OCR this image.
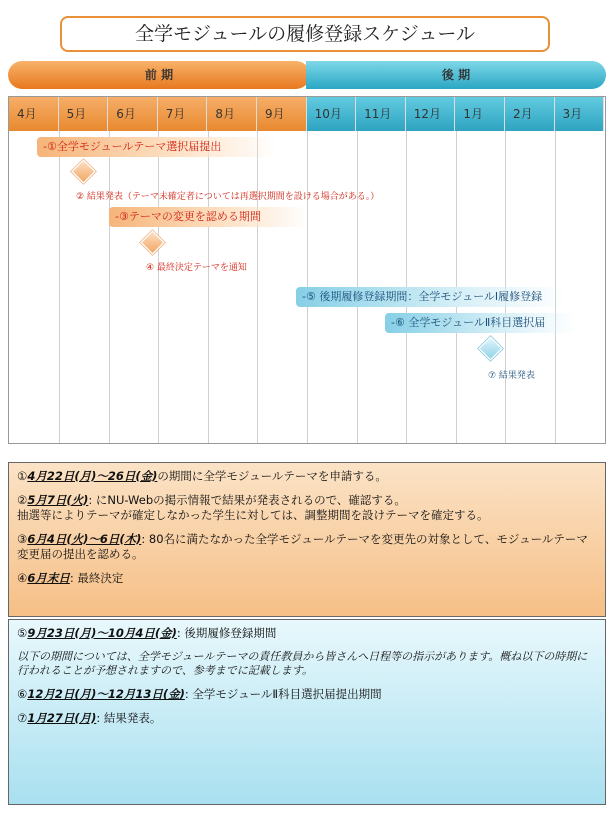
全学モジュールの履修登録スケジュール
前 期	後 期
4月	5月	6月	7月	8月	9月	10月	11月	12月	1月	2月	3月
-①全学モジュールテーマ選択届提出
② 結果発表（テーマ未確定者については再選択期間を設ける場合がある。）
-③テーマの変更を認める期間
④ 最終決定テーマを通知
-⑤ 後期履修登録期間：全学モジュールⅠ履修登録
-⑥ 全学モジュールⅡ科目選択届
⑦ 結果発表

①4月22日(月)～26日(金)の期間に全学モジュールテーマを申請する。

②5月7日(火): にNU-Webの掲示情報で結果が発表されるので、確認する。
抽選等によりテーマが確定しなかった学生に対しては、調整期間を設けテーマを確定する。

③6月4日(火)～6日(木): 80名に満たなかった全学モジュールテーマを変更先の対象として、モジュールテーマ変更届の提出を認める。

④6月末日: 最終決定

⑤9月23日(月)～10月4日(金): 後期履修登録期間

以下の期間については、全学モジュールテーマの責任教員から皆さんへ日程等の指示があります。概ね以下の時期に行われることが予想されますので、参考までに記載します。

⑥12月2日(月)～12月13日(金): 全学モジュールⅡ科目選択届提出期間

⑦1月27日(月): 結果発表。
